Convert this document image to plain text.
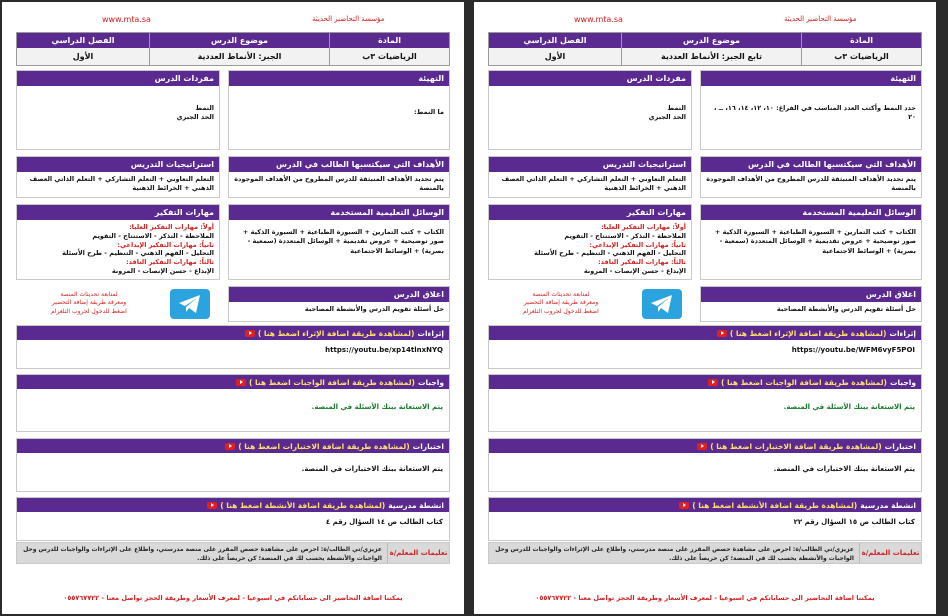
www.mta.sa	مؤسسة التحاضير الحديثة
المادة
الرياضيات ٣ب
موضوع الدرس
الجبر: الأنماط العددية
الفصل الدراسي
الأول
التهيئة
ما النمط:
مفردات الدرس
النمط
الحد الجبري
الأهداف التي سيكتسبها الطالب في الدرس
يتم تحديد الأهداف المنبثقة للدرس المطروح من الأهداف الموجودة بالمنصة
استراتيجيات التدريس
التعلم التعاوني + التعلم التشاركي + التعلم الذاتي العصف الذهني + الخرائط الذهنية
الوسائل التعليمية المستخدمة
الكتاب + كتب التمارين + السبورة الطباعية + السبورة الذكية + صور توضيحية + عروض تقديمية + الوسائل المتعددة (سمعية - بصرية) + الوسائط الاجتماعية
مهارات التفكير
أولاً: مهارات التفكير العليا:
الملاحظة - التذكر - الاستنتاج - التقويم
ثانياً: مهارات التفكير الإبداعي:
التحليل - الفهم الذهني - التنظيم - طرح الأسئلة
ثالثاً: مهارات التفكير الناقد:
الإبداع - حسن الإنصات - المرونة
اغلاق الدرس
حل أسئلة تقويم الدرس والأنشطة المصاحبة
لمتابعة تحديثات المنصة
ومعرفة طريقة إضافة التحضير
اضغط للدخول لجروب التلغرام
إثراءات
(لمشاهدة طريقة اضافة الإثراء اضغط هنا )
https://youtu.be/xp14tlnxNYQ
واجبات
(لمشاهدة طريقة اضافة الواجبات اضغط هنا )
يتم الاستعانة ببنك الأسئلة في المنصة.
اختبارات
(لمشاهدة طريقة اضافة الاختبارات اضغط هنا )
يتم الاستعانة ببنك الاختبارات في المنصة.
انشطة مدرسية
(لمشاهدة طريقة اضافة الأنشطة اضغط هنا )
كتاب الطالب ص ١٤ السؤال رقم ٤
تعليمات المعلم/ة
عزيزي/تي الطالب/ة: احرص على مشاهدة حصص المقرر على منصة مدرستي، واطلاع على الإثراءات والواجبات للدرس وحل الواجبات والأنشطة يحسب لك في المنصة؛ كن حريصاً على ذلك.
يمكننا اضافة التحاضير الى حساباتكم في اسبوعيا - لمعرف الأسعار وطريقة الحجز تواصل معنا - ٠٥٥٧٦٧٧٢٢
www.mta.sa	مؤسسة التحاضير الحديثة
المادة
الرياضيات ٣ب
موضوع الدرس
تابع الجبر: الأنماط العددية
الفصل الدراسي
الأول
التهيئة
حدد النمط وأكتب العدد المناسب في الفراغ: ١٠، ١٢، ١٤، ١٦، ــ ، ٢٠
مفردات الدرس
النمط
الحد الجبري
الأهداف التي سيكتسبها الطالب في الدرس
يتم تحديد الأهداف المنبثقة للدرس المطروح من الأهداف الموجودة بالمنصة
استراتيجيات التدريس
التعلم التعاوني + التعلم التشاركي + التعلم الذاتي العصف الذهني + الخرائط الذهنية
الوسائل التعليمية المستخدمة
الكتاب + كتب التمارين + السبورة الطباعية + السبورة الذكية + صور توضيحية + عروض تقديمية + الوسائل المتعددة (سمعية - بصرية) + الوسائط الاجتماعية
مهارات التفكير
أولاً: مهارات التفكير العليا:
الملاحظة - التذكر - الاستنتاج - التقويم
ثانياً: مهارات التفكير الإبداعي:
التحليل - الفهم الذهني - التنظيم - طرح الأسئلة
ثالثاً: مهارات التفكير الناقد:
الإبداع - حسن الإنصات - المرونة
اغلاق الدرس
حل أسئلة تقويم الدرس والأنشطة المصاحبة
لمتابعة تحديثات المنصة
ومعرفة طريقة إضافة التحضير
اضغط للدخول لجروب التلغرام
إثراءات
(لمشاهدة طريقة اضافة الإثراء اضغط هنا )
https://youtu.be/WFM6vyF5POI
واجبات
(لمشاهدة طريقة اضافة الواجبات اضغط هنا )
يتم الاستعانة ببنك الأسئلة في المنصة.
اختبارات
(لمشاهدة طريقة اضافة الاختبارات اضغط هنا )
يتم الاستعانة ببنك الاختبارات في المنصة.
انشطة مدرسية
(لمشاهدة طريقة اضافة الأنشطة اضغط هنا )
كتاب الطالب ص ١٥ السؤال رقم ٢٢
تعليمات المعلم/ة
عزيزي/تي الطالب/ة: احرص على مشاهدة حصص المقرر على منصة مدرستي، واطلاع على الإثراءات والواجبات للدرس وحل الواجبات والأنشطة يحسب لك في المنصة؛ كن حريصاً على ذلك.
يمكننا اضافة التحاضير الى حساباتكم في اسبوعيا - لمعرف الأسعار وطريقة الحجز تواصل معنا - ٠٥٥٧٦٧٧٢٢
